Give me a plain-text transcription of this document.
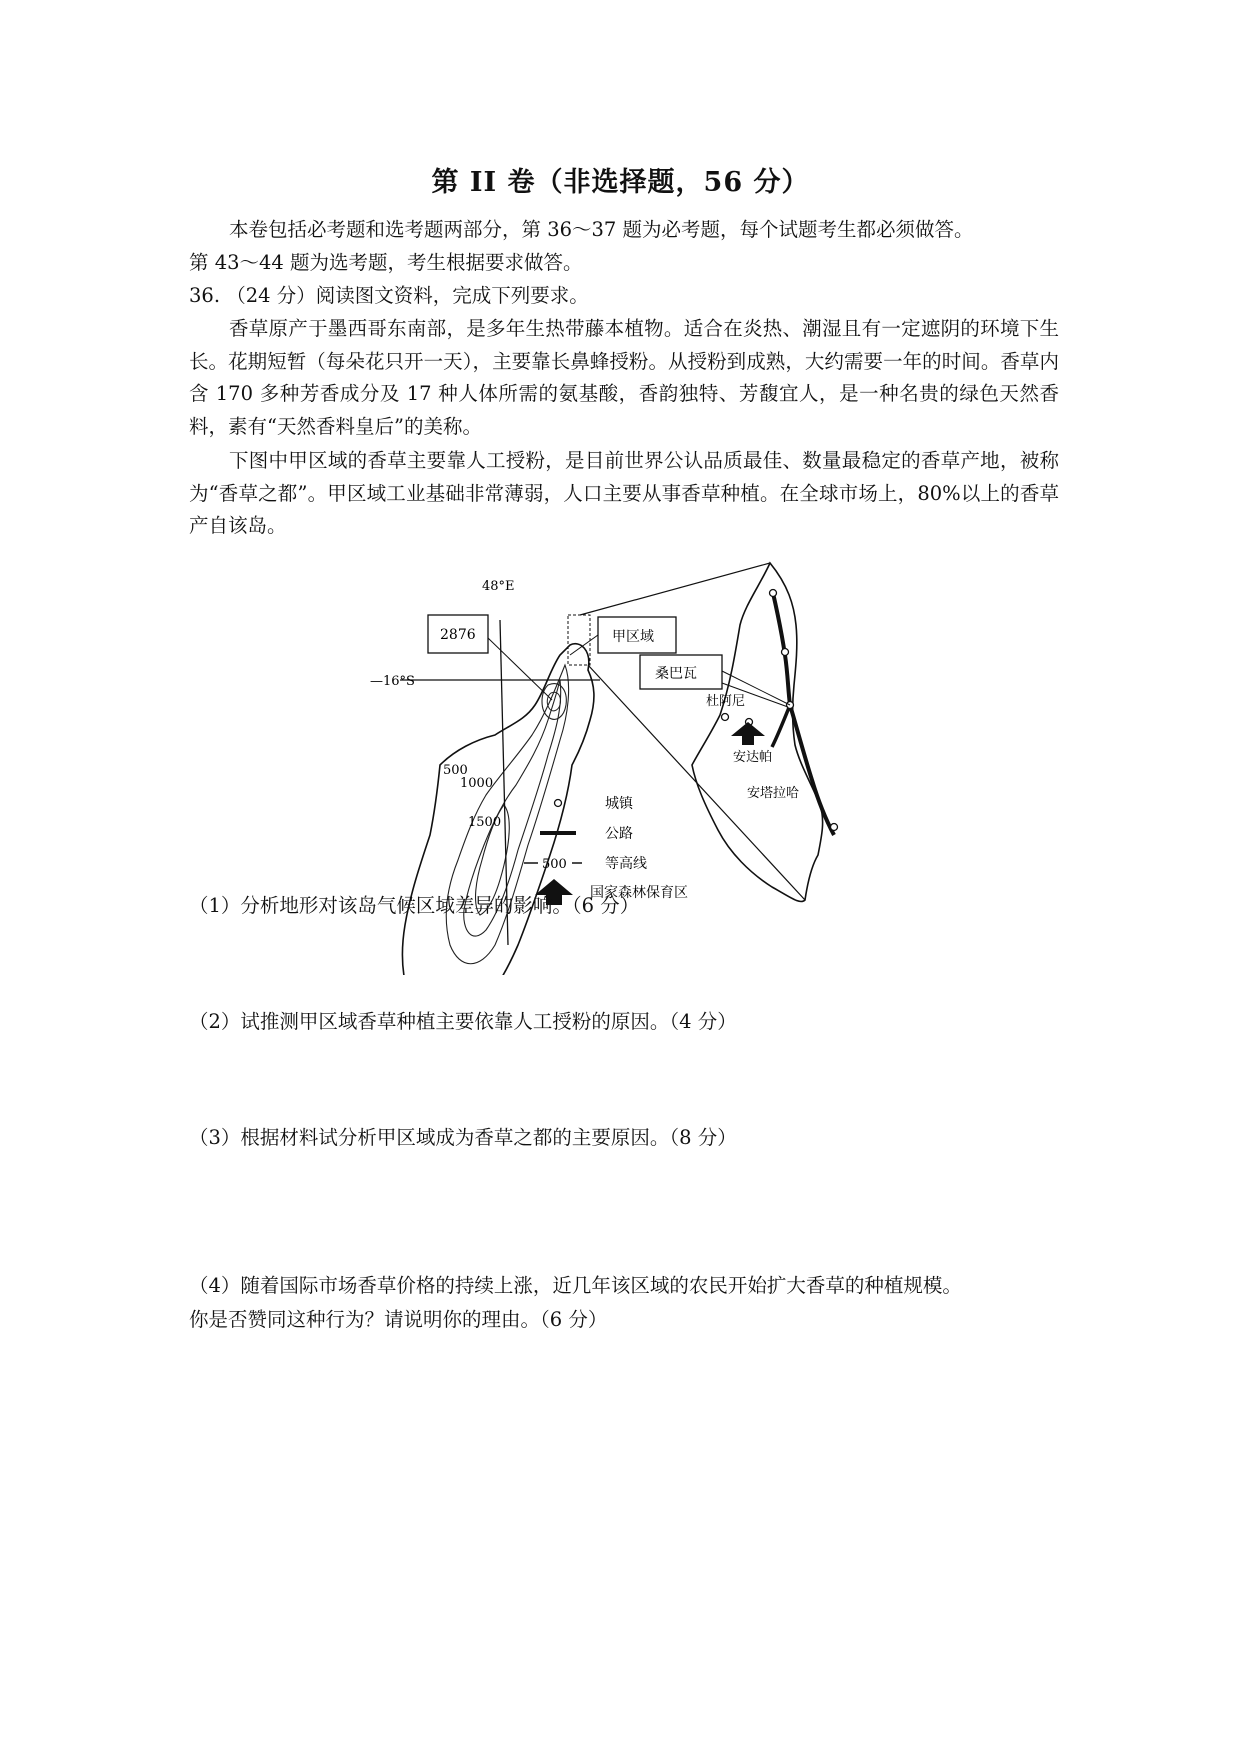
第 II 卷（非选择题，56 分）

本卷包括必考题和选考题两部分，第 36～37 题为必考题，每个试题考生都必须做答。

第 43～44 题为选考题，考生根据要求做答。

36. （24 分）阅读图文资料，完成下列要求。

香草原产于墨西哥东南部，是多年生热带藤本植物。适合在炎热、潮湿且有一定遮阴的环境下生长。花期短暂（每朵花只开一天），主要靠长鼻蜂授粉。从授粉到成熟，大约需要一年的时间。香草内含 170 多种芳香成分及 17 种人体所需的氨基酸，香韵独特、芳馥宜人，是一种名贵的绿色天然香料，素有“天然香料皇后”的美称。

下图中甲区域的香草主要靠人工授粉，是目前世界公认品质最佳、数量最稳定的香草产地，被称为“香草之都”。甲区域工业基础非常薄弱，人口主要从事香草种植。在全球市场上，80%以上的香草产自该岛。

48°E
—16°S
2876	甲区域
桑巴瓦
杜阿尼
安达帕
安塔拉哈
500
1000
1500
城镇
公路
500	等高线
国家森林保育区

（1）分析地形对该岛气候区域差异的影响。（6 分）

（2）试推测甲区域香草种植主要依靠人工授粉的原因。（4 分）

（3）根据材料试分析甲区域成为香草之都的主要原因。（8 分）

（4）随着国际市场香草价格的持续上涨，近几年该区域的农民开始扩大香草的种植规模。

你是否赞同这种行为？请说明你的理由。（6 分）
